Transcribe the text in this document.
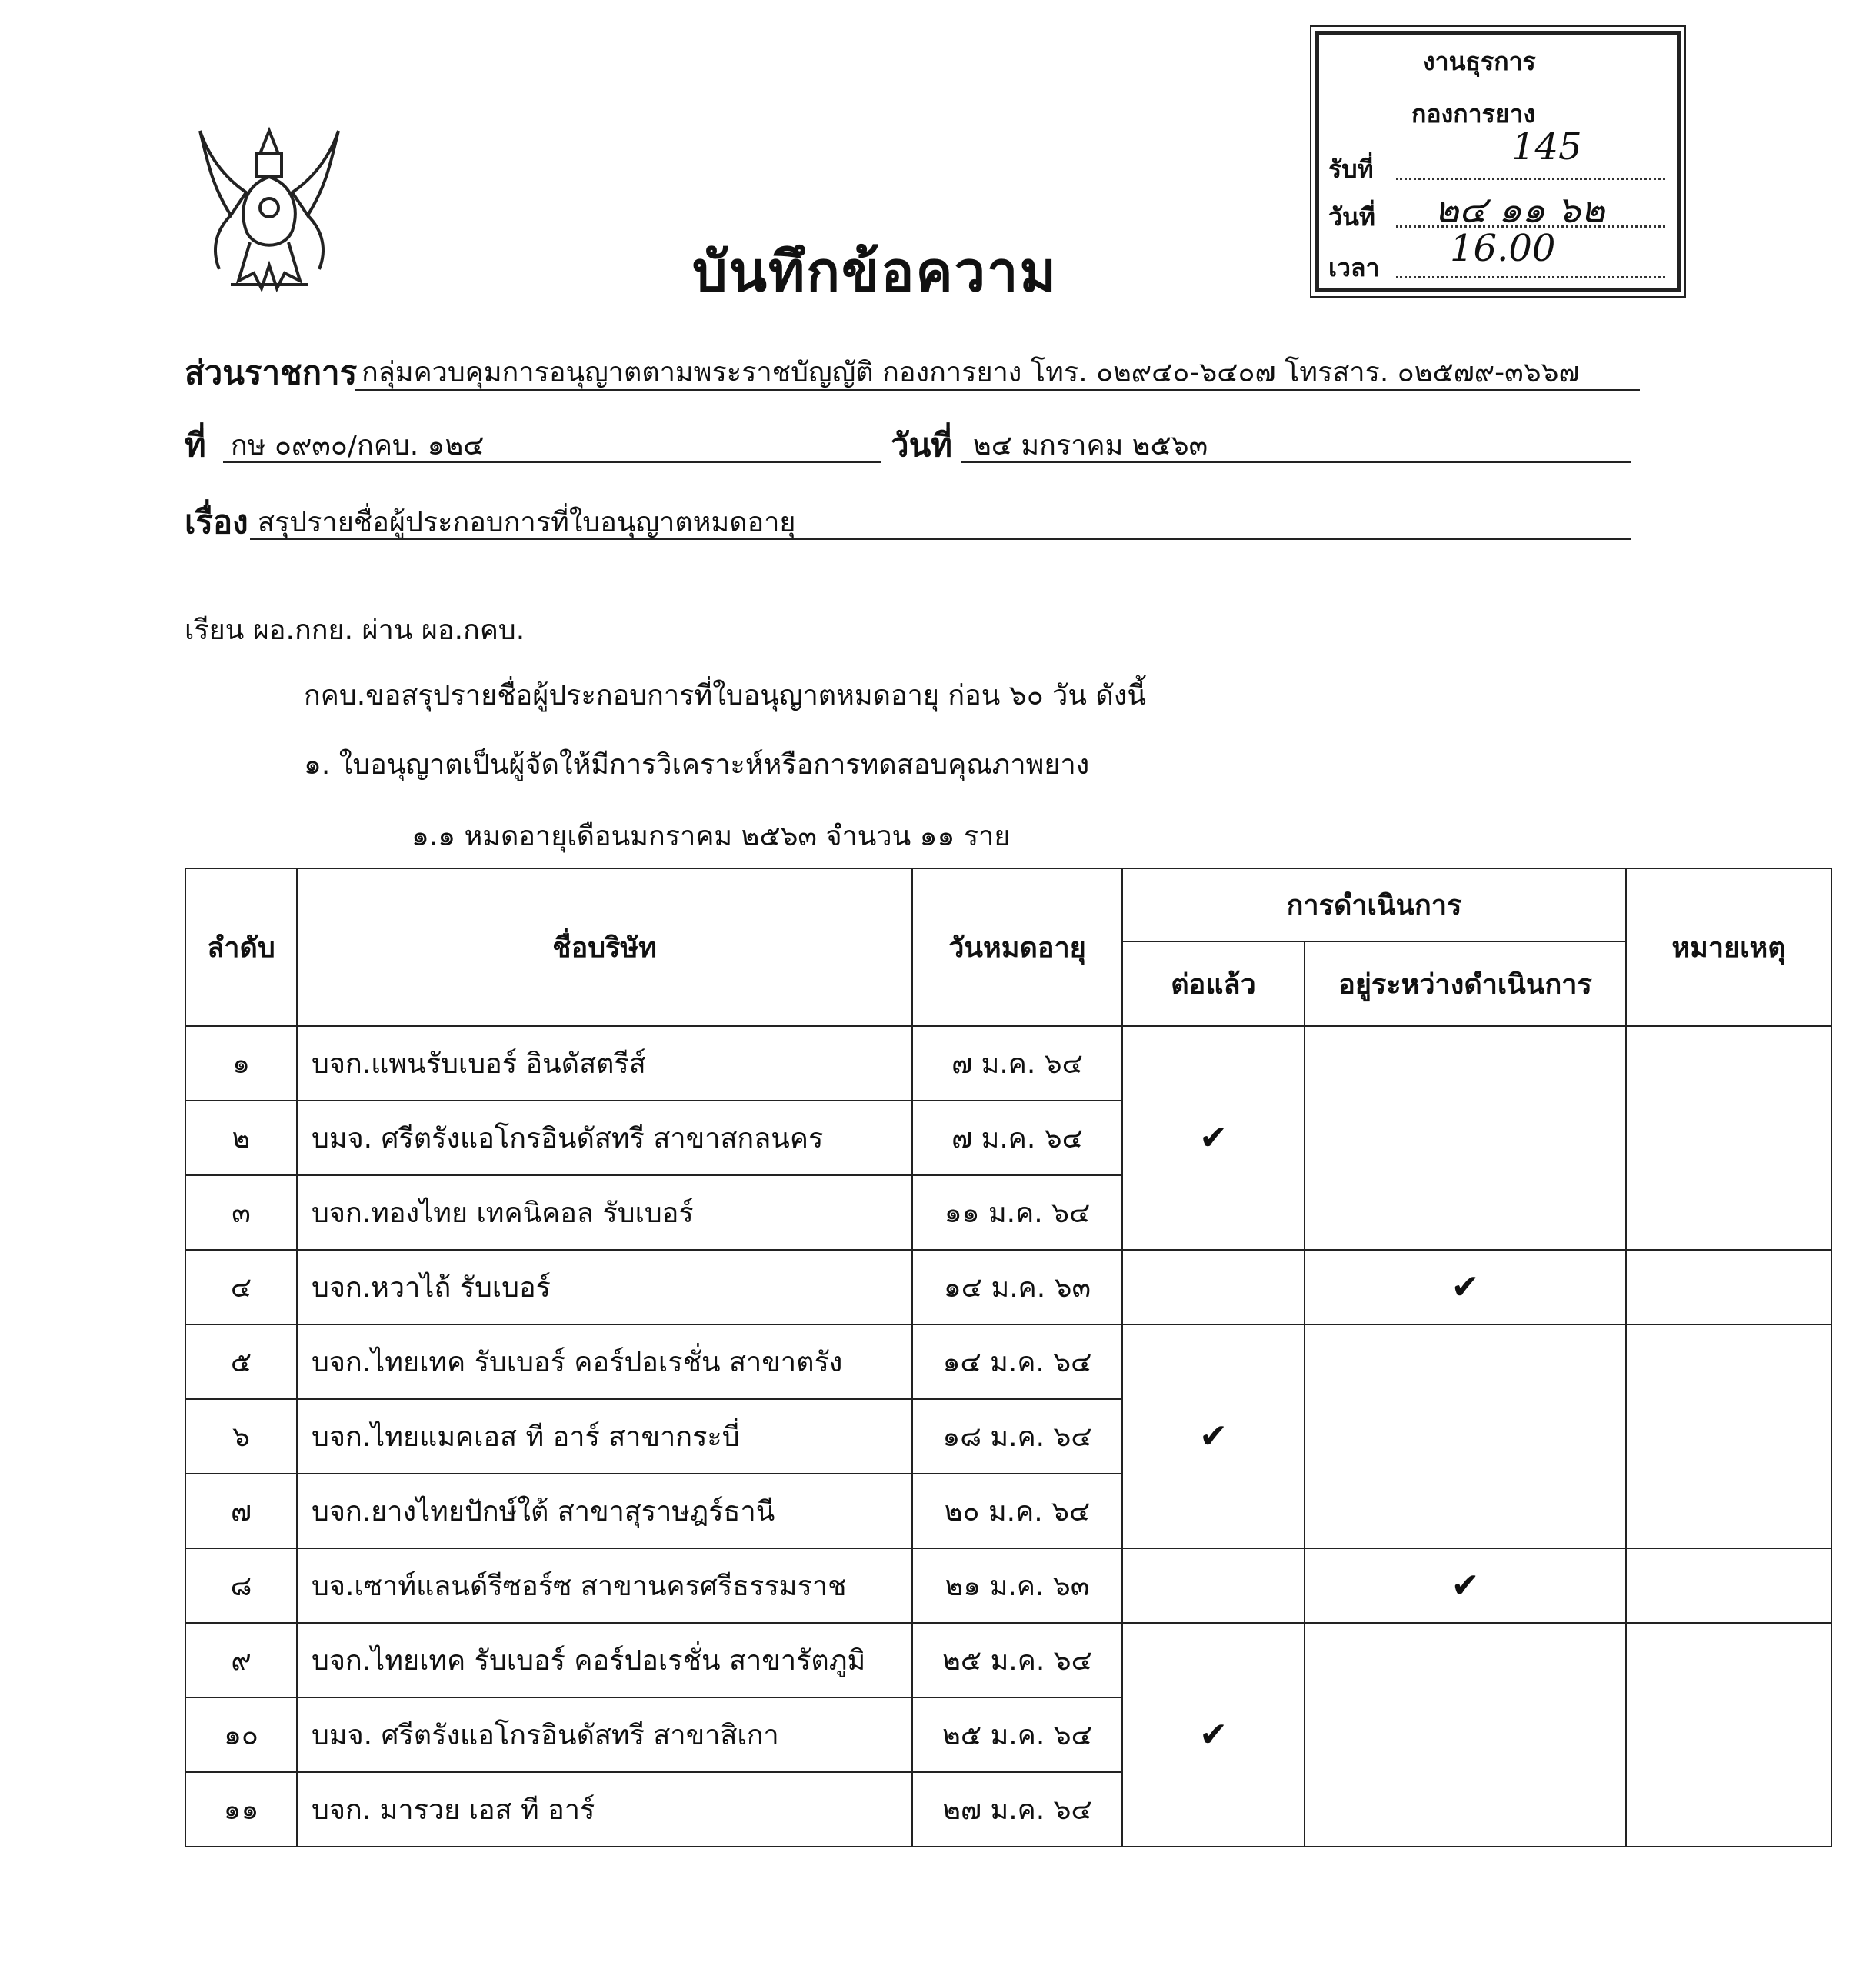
งานธุรการ
กองการยาง
รับที่
145
วันที่ ๒๔ ๑๑ ๖๒
เวลา 16.00
บันทึกข้อความ
ส่วนราชการ กลุ่มควบคุมการอนุญาตตามพระราชบัญญัติ กองการยาง โทร. ๐๒๙๔๐-๖๔๐๗ โทรสาร. ๐๒๕๗๙-๓๖๖๗
ที่ กษ ๐๙๓๐/กคบ. ๑๒๔	วันที่ ๒๔ มกราคม ๒๕๖๓
เรื่อง สรุปรายชื่อผู้ประกอบการที่ใบอนุญาตหมดอายุ
เรียน ผอ.กกย. ผ่าน ผอ.กคบ.
กคบ.ขอสรุปรายชื่อผู้ประกอบการที่ใบอนุญาตหมดอายุ ก่อน ๖๐ วัน ดังนี้
๑. ใบอนุญาตเป็นผู้จัดให้มีการวิเคราะห์หรือการทดสอบคุณภาพยาง
๑.๑ หมดอายุเดือนมกราคม ๒๕๖๓ จำนวน ๑๑ ราย
ลำดับ	ชื่อบริษัท	วันหมดอายุ	การดำเนินการ		หมายเหตุ
			ต่อแล้ว	อยู่ระหว่างดำเนินการ	
๑	บจก.แพนรับเบอร์ อินดัสตรีส์	๗ ม.ค. ๖๔	✔		
๒	บมจ. ศรีตรังแอโกรอินดัสทรี สาขาสกลนคร	๗ ม.ค. ๖๔			
๓	บจก.ทองไทย เทคนิคอล รับเบอร์	๑๑ ม.ค. ๖๔			
๔	บจก.หวาไถ้ รับเบอร์	๑๔ ม.ค. ๖๓		✔	
๕	บจก.ไทยเทค รับเบอร์ คอร์ปอเรชั่น สาขาตรัง	๑๔ ม.ค. ๖๔	✔		
๖	บจก.ไทยแมคเอส ที อาร์ สาขากระบี่	๑๘ ม.ค. ๖๔			
๗	บจก.ยางไทยปักษ์ใต้ สาขาสุราษฎร์ธานี	๒๐ ม.ค. ๖๔			
๘	บจ.เซาท์แลนด์รีซอร์ซ สาขานครศรีธรรมราช	๒๑ ม.ค. ๖๓		✔	
๙	บจก.ไทยเทค รับเบอร์ คอร์ปอเรชั่น สาขารัตภูมิ	๒๕ ม.ค. ๖๔	✔		
๑๐	บมจ. ศรีตรังแอโกรอินดัสทรี สาขาสิเกา	๒๕ ม.ค. ๖๔			
๑๑	บจก. มารวย เอส ที อาร์	๒๗ ม.ค. ๖๔			
